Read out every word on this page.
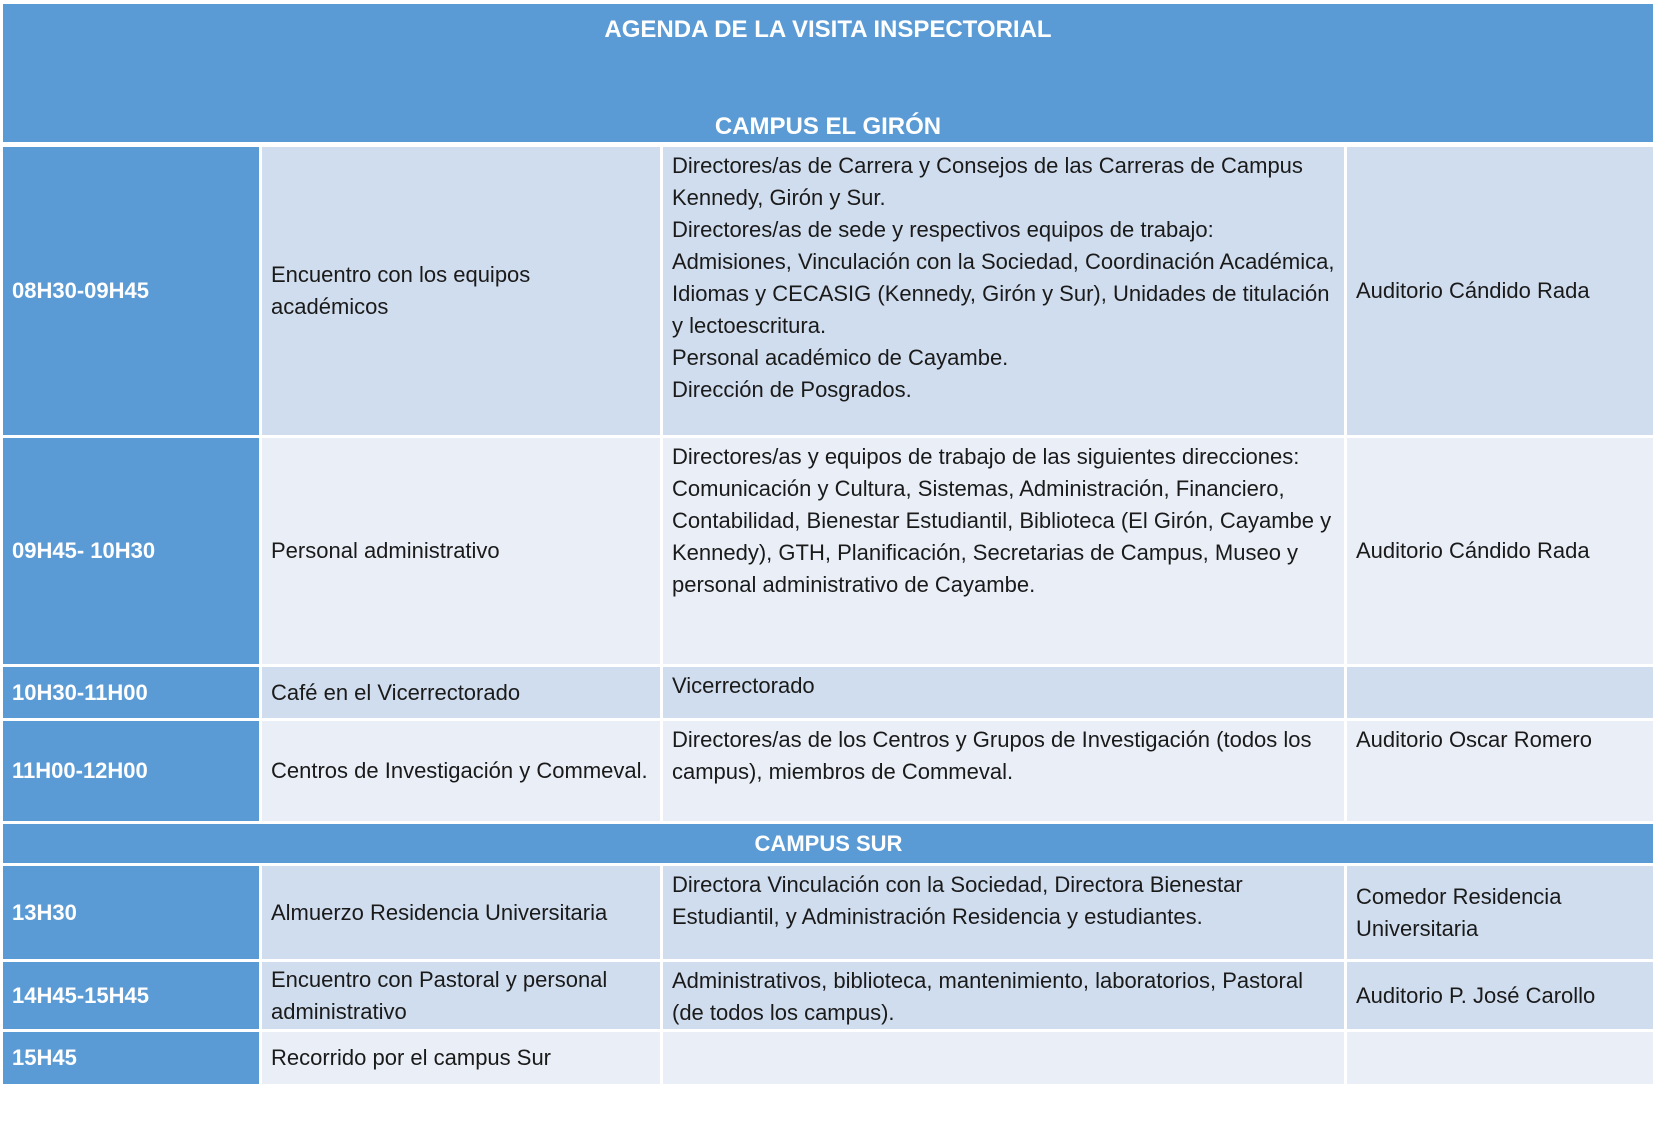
AGENDA DE LA VISITA INSPECTORIAL
CAMPUS EL GIRÓN			

08H30-09H45	Encuentro con los equipos académicos	Directores/as de Carrera y Consejos de las Carreras de Campus Kennedy, Girón y Sur.
Directores/as de sede y respectivos equipos de trabajo: Admisiones, Vinculación con la Sociedad, Coordinación Académica, Idiomas y CECASIG (Kennedy, Girón y Sur), Unidades de titulación y lectoescritura.
Personal académico de Cayambe.
Dirección de Posgrados.	Auditorio Cándido Rada
09H45- 10H30	Personal administrativo	Directores/as y equipos de trabajo de las siguientes direcciones: Comunicación y Cultura, Sistemas, Administración, Financiero, Contabilidad, Bienestar Estudiantil, Biblioteca (El Girón, Cayambe y Kennedy), GTH, Planificación, Secretarias de Campus, Museo y personal administrativo de Cayambe.	Auditorio Cándido Rada
10H30-11H00	Café en el Vicerrectorado	Vicerrectorado	

11H00-12H00	Centros de Investigación y Commeval.	Directores/as de los Centros y Grupos de Investigación (todos los campus), miembros de Commeval.	Auditorio Oscar Romero
CAMPUS SUR			
13H30	Almuerzo Residencia Universitaria	Directora Vinculación con la Sociedad, Directora Bienestar Estudiantil, y Administración Residencia y estudiantes.	Comedor Residencia Universitaria
14H45-15H45	Encuentro con Pastoral y personal administrativo	Administrativos, biblioteca, mantenimiento, laboratorios, Pastoral (de todos los campus).	Auditorio P. José Carollo
15H45	Recorrido por el campus Sur		
